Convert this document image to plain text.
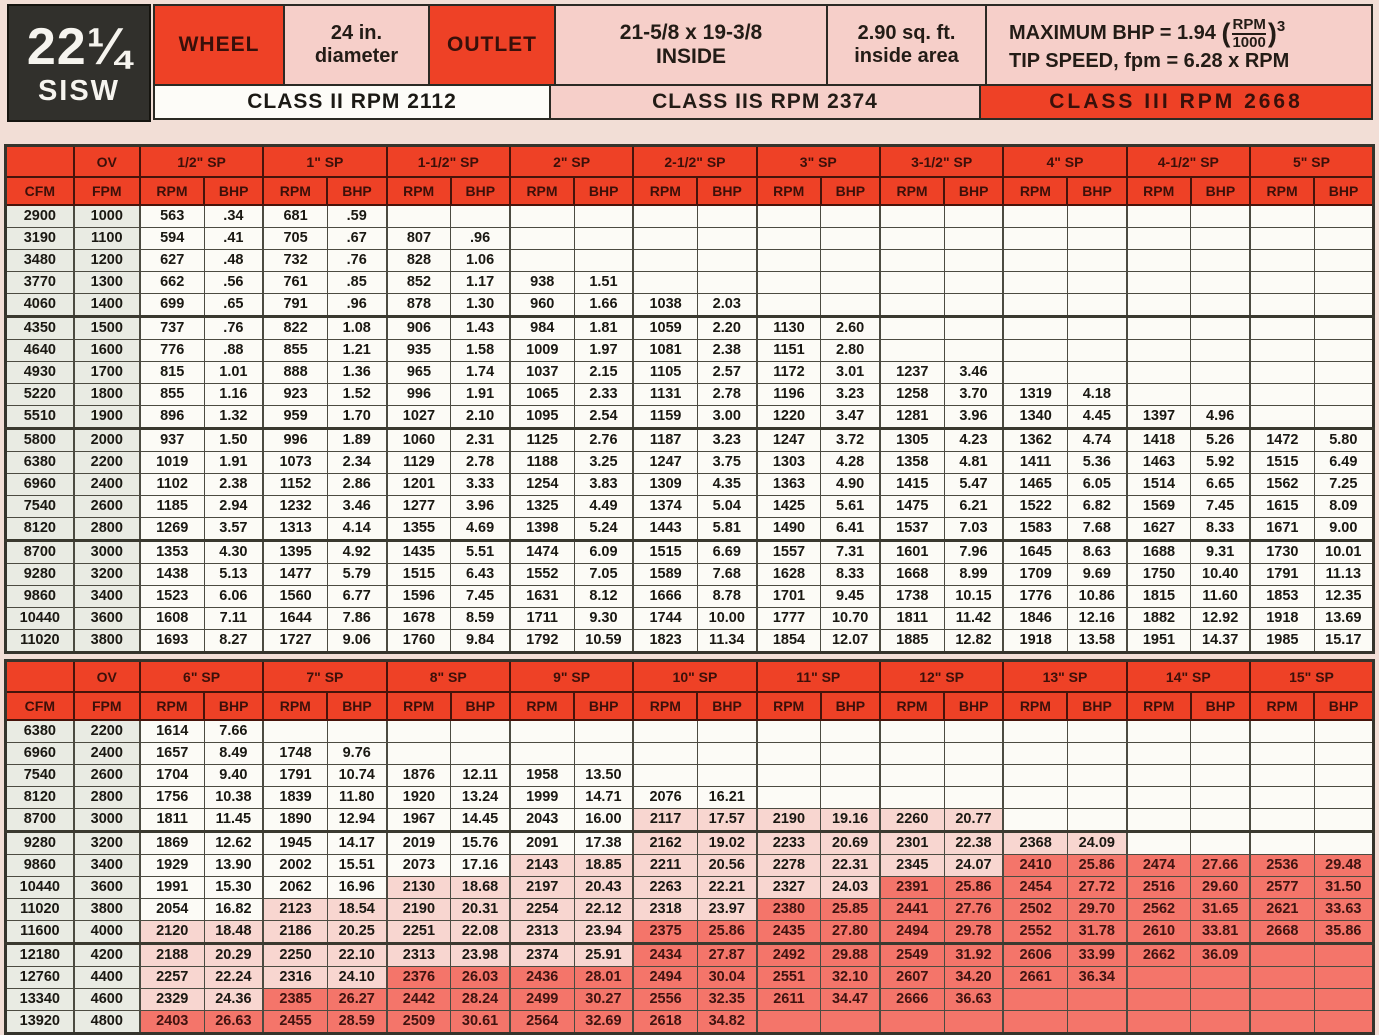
22¼
SISW
WHEEL	24 in.
diameter
OUTLET
21-5/8 x 19-3/8
INSIDE
2.90 sq. ft.
inside area
MAXIMUM BHP = 1.94 ( $\frac{\text{RPM}}{1000}$ ) 3
TIP SPEED, fpm = 6.28 x RPM
CLASS II RPM 2112	CLASS IIS RPM 2374	CLASS III RPM 2668
	OV	1/2" SP		1" SP		1-1/2" SP		2" SP		2-1/2" SP		3" SP		3-1/2" SP		4" SP		4-1/2" SP		5" SP	
CFM	FPM	RPM	BHP	RPM	BHP	RPM	BHP	RPM	BHP	RPM	BHP	RPM	BHP	RPM	BHP	RPM	BHP	RPM	BHP	RPM	BHP
2900	1000	563	.34	681	.59																
3190	1100	594	.41	705	.67	807	.96														
3480	1200	627	.48	732	.76	828	1.06														
3770	1300	662	.56	761	.85	852	1.17	938	1.51												
4060	1400	699	.65	791	.96	878	1.30	960	1.66	1038	2.03										
4350	1500	737	.76	822	1.08	906	1.43	984	1.81	1059	2.20	1130	2.60								
4640	1600	776	.88	855	1.21	935	1.58	1009	1.97	1081	2.38	1151	2.80								
4930	1700	815	1.01	888	1.36	965	1.74	1037	2.15	1105	2.57	1172	3.01	1237	3.46						
5220	1800	855	1.16	923	1.52	996	1.91	1065	2.33	1131	2.78	1196	3.23	1258	3.70	1319	4.18				
5510	1900	896	1.32	959	1.70	1027	2.10	1095	2.54	1159	3.00	1220	3.47	1281	3.96	1340	4.45	1397	4.96		
5800	2000	937	1.50	996	1.89	1060	2.31	1125	2.76	1187	3.23	1247	3.72	1305	4.23	1362	4.74	1418	5.26	1472	5.80
6380	2200	1019	1.91	1073	2.34	1129	2.78	1188	3.25	1247	3.75	1303	4.28	1358	4.81	1411	5.36	1463	5.92	1515	6.49
6960	2400	1102	2.38	1152	2.86	1201	3.33	1254	3.83	1309	4.35	1363	4.90	1415	5.47	1465	6.05	1514	6.65	1562	7.25
7540	2600	1185	2.94	1232	3.46	1277	3.96	1325	4.49	1374	5.04	1425	5.61	1475	6.21	1522	6.82	1569	7.45	1615	8.09
8120	2800	1269	3.57	1313	4.14	1355	4.69	1398	5.24	1443	5.81	1490	6.41	1537	7.03	1583	7.68	1627	8.33	1671	9.00
8700	3000	1353	4.30	1395	4.92	1435	5.51	1474	6.09	1515	6.69	1557	7.31	1601	7.96	1645	8.63	1688	9.31	1730	10.01
9280	3200	1438	5.13	1477	5.79	1515	6.43	1552	7.05	1589	7.68	1628	8.33	1668	8.99	1709	9.69	1750	10.40	1791	11.13
9860	3400	1523	6.06	1560	6.77	1596	7.45	1631	8.12	1666	8.78	1701	9.45	1738	10.15	1776	10.86	1815	11.60	1853	12.35
10440	3600	1608	7.11	1644	7.86	1678	8.59	1711	9.30	1744	10.00	1777	10.70	1811	11.42	1846	12.16	1882	12.92	1918	13.69
11020	3800	1693	8.27	1727	9.06	1760	9.84	1792	10.59	1823	11.34	1854	12.07	1885	12.82	1918	13.58	1951	14.37	1985	15.17
	OV	6" SP		7" SP		8" SP		9" SP		10" SP		11" SP		12" SP		13" SP		14" SP		15" SP	
CFM	FPM	RPM	BHP	RPM	BHP	RPM	BHP	RPM	BHP	RPM	BHP	RPM	BHP	RPM	BHP	RPM	BHP	RPM	BHP	RPM	BHP
6380	2200	1614	7.66																		
6960	2400	1657	8.49	1748	9.76																
7540	2600	1704	9.40	1791	10.74	1876	12.11	1958	13.50												
8120	2800	1756	10.38	1839	11.80	1920	13.24	1999	14.71	2076	16.21										
8700	3000	1811	11.45	1890	12.94	1967	14.45	2043	16.00	2117	17.57	2190	19.16	2260	20.77						
9280	3200	1869	12.62	1945	14.17	2019	15.76	2091	17.38	2162	19.02	2233	20.69	2301	22.38	2368	24.09				
9860	3400	1929	13.90	2002	15.51	2073	17.16	2143	18.85	2211	20.56	2278	22.31	2345	24.07	2410	25.86	2474	27.66	2536	29.48
10440	3600	1991	15.30	2062	16.96	2130	18.68	2197	20.43	2263	22.21	2327	24.03	2391	25.86	2454	27.72	2516	29.60	2577	31.50
11020	3800	2054	16.82	2123	18.54	2190	20.31	2254	22.12	2318	23.97	2380	25.85	2441	27.76	2502	29.70	2562	31.65	2621	33.63
11600	4000	2120	18.48	2186	20.25	2251	22.08	2313	23.94	2375	25.86	2435	27.80	2494	29.78	2552	31.78	2610	33.81	2668	35.86
12180	4200	2188	20.29	2250	22.10	2313	23.98	2374	25.91	2434	27.87	2492	29.88	2549	31.92	2606	33.99	2662	36.09		
12760	4400	2257	22.24	2316	24.10	2376	26.03	2436	28.01	2494	30.04	2551	32.10	2607	34.20	2661	36.34				
13340	4600	2329	24.36	2385	26.27	2442	28.24	2499	30.27	2556	32.35	2611	34.47	2666	36.63						
13920	4800	2403	26.63	2455	28.59	2509	30.61	2564	32.69	2618	34.82										
